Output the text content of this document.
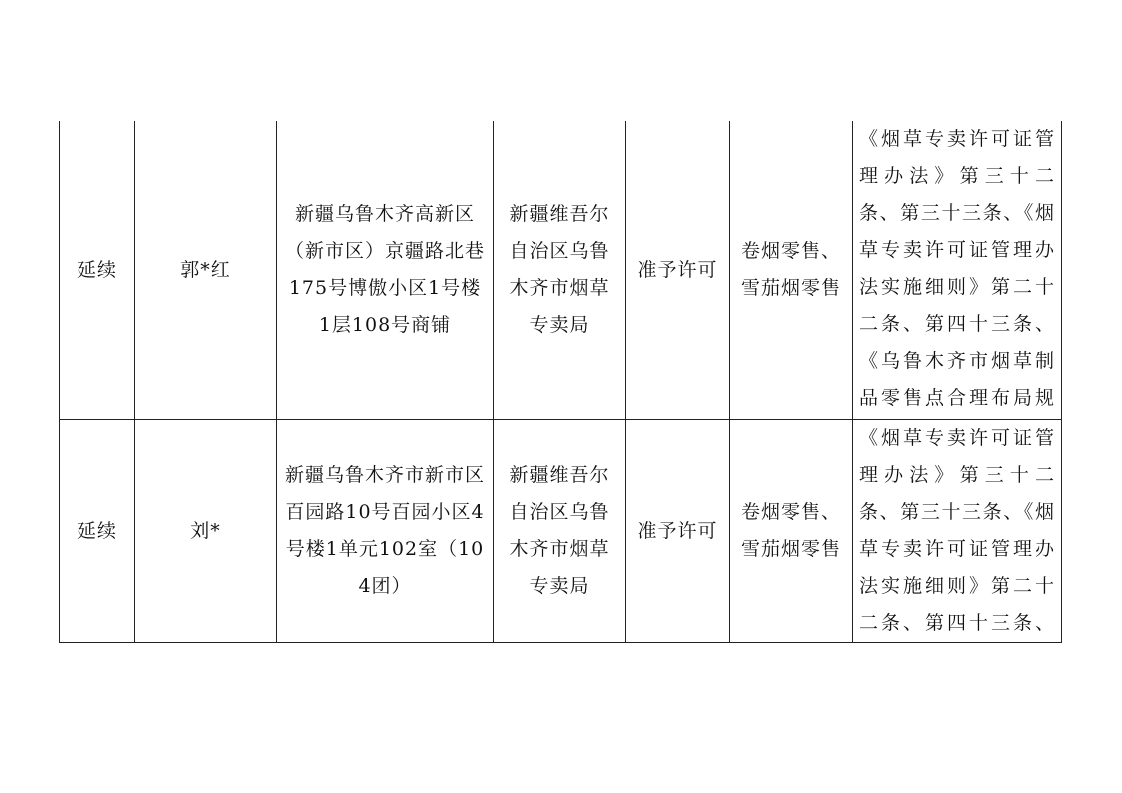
延续	郭*红	新疆乌鲁木齐高新区（新市区）京疆路北巷175号博傲小区1号楼1层108号商铺	新疆维吾尔自治区乌鲁木齐市烟草专卖局	准予许可	卷烟零售、雪茄烟零售	《烟草专卖许可证管理办法》第三十二条、第三十三条、《烟草专卖许可证管理办法实施细则》第二十二条、第四十三条、《乌鲁木齐市烟草制品零售点合理布局规

延续	刘*	新疆乌鲁木齐市新市区百园路10号百园小区4号楼1单元102室（104团）	新疆维吾尔自治区乌鲁木齐市烟草专卖局	准予许可	卷烟零售、雪茄烟零售	《烟草专卖许可证管理办法》第三十二条、第三十三条、《烟草专卖许可证管理办法实施细则》第二十二条、第四十三条、
